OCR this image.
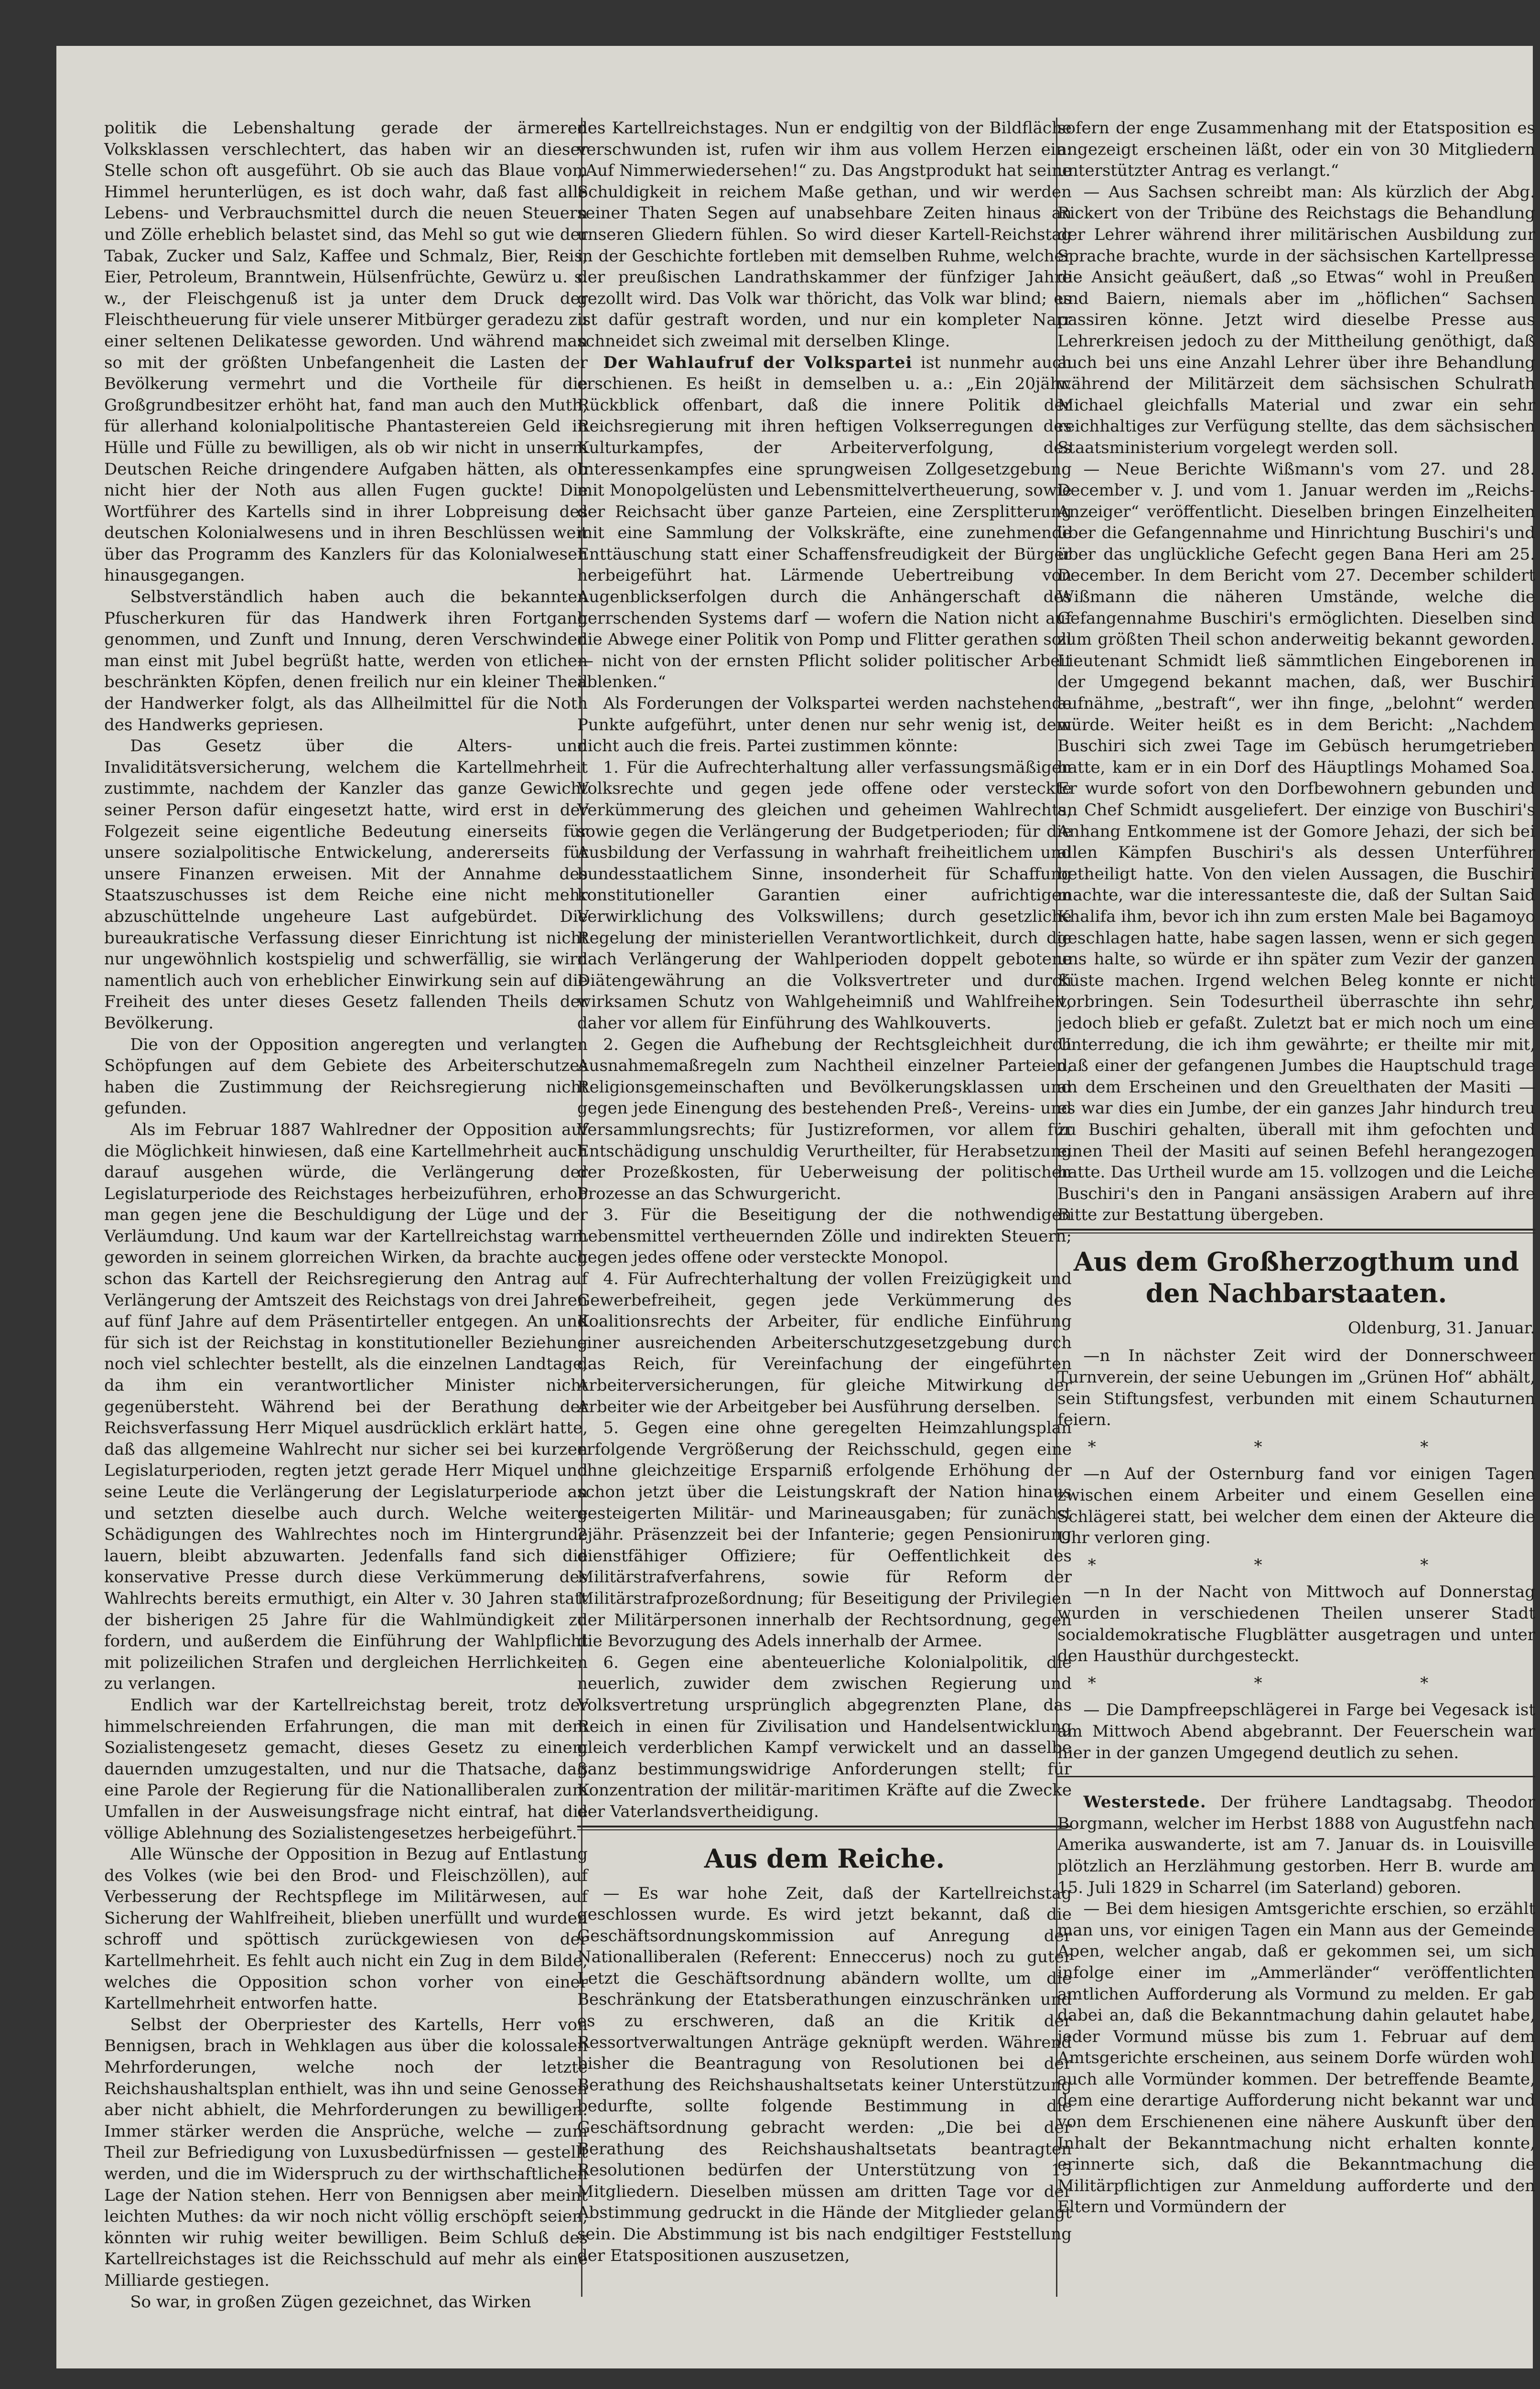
politik die Lebenshaltung gerade der ärmeren Volksklassen verschlechtert, das haben wir an dieser Stelle schon oft ausgeführt. Ob sie auch das Blaue vom Himmel herunterlügen, es ist doch wahr, daß fast alle Lebens- und Verbrauchsmittel durch die neuen Steuern und Zölle erheblich belastet sind, das Mehl so gut wie der Tabak, Zucker und Salz, Kaffee und Schmalz, Bier, Reis, Eier, Petroleum, Branntwein, Hülsenfrüchte, Gewürz u. s. w., der Fleischgenuß ist ja unter dem Druck der Fleischtheuerung für viele unserer Mitbürger geradezu zu einer seltenen Delikatesse geworden. Und während man so mit der größten Unbefangenheit die Lasten der Bevölkerung vermehrt und die Vortheile für die Großgrundbesitzer erhöht hat, fand man auch den Muth, für allerhand kolonialpolitische Phantastereien Geld in Hülle und Fülle zu bewilligen, als ob wir nicht in unserm Deutschen Reiche dringendere Aufgaben hätten, als ob nicht hier der Noth aus allen Fugen guckte! Die Wortführer des Kartells sind in ihrer Lobpreisung des deutschen Kolonialwesens und in ihren Beschlüssen weit über das Programm des Kanzlers für das Kolonialwesen hinausgegangen.

Selbstverständlich haben auch die bekannten Pfuscherkuren für das Handwerk ihren Fortgang genommen, und Zunft und Innung, deren Verschwinden man einst mit Jubel begrüßt hatte, werden von etlichen beschränkten Köpfen, denen freilich nur ein kleiner Theil der Handwerker folgt, als das Allheilmittel für die Noth des Handwerks gepriesen.

Das Gesetz über die Alters- und Invaliditätsversicherung, welchem die Kartellmehrheit zustimmte, nachdem der Kanzler das ganze Gewicht seiner Person dafür eingesetzt hatte, wird erst in der Folgezeit seine eigentliche Bedeutung einerseits für unsere sozialpolitische Entwickelung, andererseits für unsere Finanzen erweisen. Mit der Annahme des Staatszuschusses ist dem Reiche eine nicht mehr abzuschüttelnde ungeheure Last aufgebürdet. Die bureaukratische Verfassung dieser Einrichtung ist nicht nur ungewöhnlich kostspielig und schwerfällig, sie wird namentlich auch von erheblicher Einwirkung sein auf die Freiheit des unter dieses Gesetz fallenden Theils der Bevölkerung.

Die von der Opposition angeregten und verlangten Schöpfungen auf dem Gebiete des Arbeiterschutzes haben die Zustimmung der Reichsregierung nicht gefunden.

Als im Februar 1887 Wahlredner der Opposition auf die Möglichkeit hinwiesen, daß eine Kartellmehrheit auch darauf ausgehen würde, die Verlängerung der Legislaturperiode des Reichstages herbeizuführen, erhob man gegen jene die Beschuldigung der Lüge und der Verläumdung. Und kaum war der Kartellreichstag warm geworden in seinem glorreichen Wirken, da brachte auch schon das Kartell der Reichsregierung den Antrag auf Verlängerung der Amtszeit des Reichstags von drei Jahren auf fünf Jahre auf dem Präsentirteller entgegen. An und für sich ist der Reichstag in konstitutioneller Beziehung noch viel schlechter bestellt, als die einzelnen Landtage, da ihm ein verantwortlicher Minister nicht gegenübersteht. Während bei der Berathung der Reichsverfassung Herr Miquel ausdrücklich erklärt hatte, daß das allgemeine Wahlrecht nur sicher sei bei kurzen Legislaturperioden, regten jetzt gerade Herr Miquel und seine Leute die Verlängerung der Legislaturperiode an und setzten dieselbe auch durch. Welche weitere Schädigungen des Wahlrechtes noch im Hintergrunde lauern, bleibt abzuwarten. Jedenfalls fand sich die konservative Presse durch diese Verkümmerung des Wahlrechts bereits ermuthigt, ein Alter v. 30 Jahren statt der bisherigen 25 Jahre für die Wahlmündigkeit zu fordern, und außerdem die Einführung der Wahlpflicht mit polizeilichen Strafen und dergleichen Herrlichkeiten zu verlangen.

Endlich war der Kartellreichstag bereit, trotz der himmelschreienden Erfahrungen, die man mit dem Sozialistengesetz gemacht, dieses Gesetz zu einem dauernden umzugestalten, und nur die Thatsache, daß eine Parole der Regierung für die Nationalliberalen zum Umfallen in der Ausweisungsfrage nicht eintraf, hat die völlige Ablehnung des Sozialistengesetzes herbeigeführt.

Alle Wünsche der Opposition in Bezug auf Entlastung des Volkes (wie bei den Brod- und Fleischzöllen), auf Verbesserung der Rechtspflege im Militärwesen, auf Sicherung der Wahlfreiheit, blieben unerfüllt und wurden schroff und spöttisch zurückgewiesen von der Kartellmehrheit. Es fehlt auch nicht ein Zug in dem Bilde, welches die Opposition schon vorher von einer Kartellmehrheit entworfen hatte.

Selbst der Oberpriester des Kartells, Herr von Bennigsen, brach in Wehklagen aus über die kolossalen Mehrforderungen, welche noch der letzte Reichshaushaltsplan enthielt, was ihn und seine Genossen aber nicht abhielt, die Mehrforderungen zu bewilligen. Immer stärker werden die Ansprüche, welche — zum Theil zur Befriedigung von Luxusbedürfnissen — gestellt werden, und die im Widerspruch zu der wirthschaftlichen Lage der Nation stehen. Herr von Bennigsen aber meint leichten Muthes: da wir noch nicht völlig erschöpft seien, könnten wir ruhig weiter bewilligen. Beim Schluß des Kartellreichstages ist die Reichsschuld auf mehr als eine Milliarde gestiegen.

So war, in großen Zügen gezeichnet, das Wirken

des Kartellreichstages. Nun er endgiltig von der Bildfläche verschwunden ist, rufen wir ihm aus vollem Herzen ein: „Auf Nimmerwiedersehen!“ zu. Das Angstprodukt hat seine Schuldigkeit in reichem Maße gethan, und wir werden seiner Thaten Segen auf unabsehbare Zeiten hinaus an unseren Gliedern fühlen. So wird dieser Kartell-Reichstag in der Geschichte fortleben mit demselben Ruhme, welcher der preußischen Landrathskammer der fünfziger Jahre gezollt wird. Das Volk war thöricht, das Volk war blind; es ist dafür gestraft worden, und nur ein kompleter Narr schneidet sich zweimal mit derselben Klinge.

Der Wahlaufruf der Volkspartei ist nunmehr auch erschienen. Es heißt in demselben u. a.: „Ein 20jähr. Rückblick offenbart, daß die innere Politik der Reichsregierung mit ihren heftigen Volkserregungen des Kulturkampfes, der Arbeiterverfolgung, des Interessenkampfes eine sprungweisen Zollgesetzgebung mit Monopolgelüsten und Lebensmittelvertheuerung, sowie der Reichsacht über ganze Parteien, eine Zersplitterung mit eine Sammlung der Volkskräfte, eine zunehmende Enttäuschung statt einer Schaffensfreudigkeit der Bürger herbeigeführt hat. Lärmende Uebertreibung von Augenblickserfolgen durch die Anhängerschaft des herrschenden Systems darf — wofern die Nation nicht auf die Abwege einer Politik von Pomp und Flitter gerathen soll — nicht von der ernsten Pflicht solider politischer Arbeit ablenken.“

Als Forderungen der Volkspartei werden nachstehende Punkte aufgeführt, unter denen nur sehr wenig ist, dem nicht auch die freis. Partei zustimmen könnte:

1. Für die Aufrechterhaltung aller verfassungsmäßigen Volksrechte und gegen jede offene oder versteckte Verkümmerung des gleichen und geheimen Wahlrechts, sowie gegen die Verlängerung der Budgetperioden; für die Ausbildung der Verfassung in wahrhaft freiheitlichem und bundesstaatlichem Sinne, insonderheit für Schaffung konstitutioneller Garantien einer aufrichtigen Verwirklichung des Volkswillens; durch gesetzliche Regelung der ministeriellen Verantwortlichkeit, durch die nach Verlängerung der Wahlperioden doppelt gebotene Diätengewährung an die Volksvertreter und durch wirksamen Schutz von Wahlgeheimniß und Wahlfreiheit, daher vor allem für Einführung des Wahlkouverts.

2. Gegen die Aufhebung der Rechtsgleichheit durch Ausnahmemaßregeln zum Nachtheil einzelner Parteien, Religionsgemeinschaften und Bevölkerungsklassen und gegen jede Einengung des bestehenden Preß-, Vereins- und Versammlungsrechts; für Justizreformen, vor allem für Entschädigung unschuldig Verurtheilter, für Herabsetzung der Prozeßkosten, für Ueberweisung der politischen Prozesse an das Schwurgericht.

3. Für die Beseitigung der die nothwendigen Lebensmittel vertheuernden Zölle und indirekten Steuern; gegen jedes offene oder versteckte Monopol.

4. Für Aufrechterhaltung der vollen Freizügigkeit und Gewerbefreiheit, gegen jede Verkümmerung des Koalitionsrechts der Arbeiter, für endliche Einführung einer ausreichenden Arbeiterschutzgesetzgebung durch das Reich, für Vereinfachung der eingeführten Arbeiterversicherungen, für gleiche Mitwirkung der Arbeiter wie der Arbeitgeber bei Ausführung derselben.

5. Gegen eine ohne geregelten Heimzahlungsplan erfolgende Vergrößerung der Reichsschuld, gegen eine ohne gleichzeitige Ersparniß erfolgende Erhöhung der schon jetzt über die Leistungskraft der Nation hinaus gesteigerten Militär- und Marineausgaben; für zunächst 2jähr. Präsenzzeit bei der Infanterie; gegen Pensionirung dienstfähiger Offiziere; für Oeffentlichkeit des Militärstrafverfahrens, sowie für Reform der Militärstrafprozeßordnung; für Beseitigung der Privilegien der Militärpersonen innerhalb der Rechtsordnung, gegen die Bevorzugung des Adels innerhalb der Armee.

6. Gegen eine abenteuerliche Kolonialpolitik, die neuerlich, zuwider dem zwischen Regierung und Volksvertretung ursprünglich abgegrenzten Plane, das Reich in einen für Zivilisation und Handelsentwicklung gleich verderblichen Kampf verwickelt und an dasselbe ganz bestimmungswidrige Anforderungen stellt; für Konzentration der militär-maritimen Kräfte auf die Zwecke der Vaterlandsvertheidigung.

Aus dem Reiche.

— Es war hohe Zeit, daß der Kartellreichstag geschlossen wurde. Es wird jetzt bekannt, daß die Geschäftsordnungskommission auf Anregung der Nationalliberalen (Referent: Enneccerus) noch zu guter Letzt die Geschäftsordnung abändern wollte, um die Beschränkung der Etatsberathungen einzuschränken und es zu erschweren, daß an die Kritik der Ressortverwaltungen Anträge geknüpft werden. Während bisher die Beantragung von Resolutionen bei der Berathung des Reichshaushaltsetats keiner Unterstützung bedurfte, sollte folgende Bestimmung in die Geschäftsordnung gebracht werden: „Die bei der Berathung des Reichshaushaltsetats beantragten Resolutionen bedürfen der Unterstützung von 15 Mitgliedern. Dieselben müssen am dritten Tage vor der Abstimmung gedruckt in die Hände der Mitglieder gelangt sein. Die Abstimmung ist bis nach endgiltiger Feststellung der Etatspositionen auszusetzen,

sofern der enge Zusammenhang mit der Etatsposition es angezeigt erscheinen läßt, oder ein von 30 Mitgliedern unterstützter Antrag es verlangt.“

— Aus Sachsen schreibt man: Als kürzlich der Abg. Rickert von der Tribüne des Reichstags die Behandlung der Lehrer während ihrer militärischen Ausbildung zur Sprache brachte, wurde in der sächsischen Kartellpresse die Ansicht geäußert, daß „so Etwas“ wohl in Preußen und Baiern, niemals aber im „höflichen“ Sachsen passiren könne. Jetzt wird dieselbe Presse aus Lehrerkreisen jedoch zu der Mittheilung genöthigt, daß auch bei uns eine Anzahl Lehrer über ihre Behandlung während der Militärzeit dem sächsischen Schulrath Michael gleichfalls Material und zwar ein sehr reichhaltiges zur Verfügung stellte, das dem sächsischen Staatsministerium vorgelegt werden soll.

— Neue Berichte Wißmann's vom 27. und 28. December v. J. und vom 1. Januar werden im „Reichs-Anzeiger“ veröffentlicht. Dieselben bringen Einzelheiten über die Gefangennahme und Hinrichtung Buschiri's und über das unglückliche Gefecht gegen Bana Heri am 25. December. In dem Bericht vom 27. December schildert Wißmann die näheren Umstände, welche die Gefangennahme Buschiri's ermöglichten. Dieselben sind zum größten Theil schon anderweitig bekannt geworden. Lieutenant Schmidt ließ sämmtlichen Eingeborenen in der Umgegend bekannt machen, daß, wer Buschiri aufnähme, „bestraft“, wer ihn finge, „belohnt“ werden würde. Weiter heißt es in dem Bericht: „Nachdem Buschiri sich zwei Tage im Gebüsch herumgetrieben hatte, kam er in ein Dorf des Häuptlings Mohamed Soa. Er wurde sofort von den Dorfbewohnern gebunden und an Chef Schmidt ausgeliefert. Der einzige von Buschiri's Anhang Entkommene ist der Gomore Jehazi, der sich bei allen Kämpfen Buschiri's als dessen Unterführer betheiligt hatte. Von den vielen Aussagen, die Buschiri machte, war die interessanteste die, daß der Sultan Said Khalifa ihm, bevor ich ihn zum ersten Male bei Bagamoyo geschlagen hatte, habe sagen lassen, wenn er sich gegen uns halte, so würde er ihn später zum Vezir der ganzen Küste machen. Irgend welchen Beleg konnte er nicht vorbringen. Sein Todesurtheil überraschte ihn sehr, jedoch blieb er gefaßt. Zuletzt bat er mich noch um eine Unterredung, die ich ihm gewährte; er theilte mir mit, daß einer der gefangenen Jumbes die Hauptschuld trage an dem Erscheinen und den Greuelthaten der Masiti — es war dies ein Jumbe, der ein ganzes Jahr hindurch treu zu Buschiri gehalten, überall mit ihm gefochten und einen Theil der Masiti auf seinen Befehl herangezogen hatte. Das Urtheil wurde am 15. vollzogen und die Leiche Buschiri's den in Pangani ansässigen Arabern auf ihre Bitte zur Bestattung übergeben.

Aus dem Großherzogthum und den Nachbarstaaten.
Oldenburg, 31. Januar.

—n In nächster Zeit wird der Donnerschweer Turnverein, der seine Uebungen im „Grünen Hof“ abhält, sein Stiftungsfest, verbunden mit einem Schauturnen feiern.

* * *

—n Auf der Osternburg fand vor einigen Tagen zwischen einem Arbeiter und einem Gesellen eine Schlägerei statt, bei welcher dem einen der Akteure die Uhr verloren ging.

* * *

—n In der Nacht von Mittwoch auf Donnerstag wurden in verschiedenen Theilen unserer Stadt socialdemokratische Flugblätter ausgetragen und unter den Hausthür durchgesteckt.

* * *

— Die Dampfreepschlägerei in Farge bei Vegesack ist am Mittwoch Abend abgebrannt. Der Feuerschein war hier in der ganzen Umgegend deutlich zu sehen.

Westerstede. Der frühere Landtagsabg. Theodor Borgmann, welcher im Herbst 1888 von Augustfehn nach Amerika auswanderte, ist am 7. Januar ds. in Louisville plötzlich an Herzlähmung gestorben. Herr B. wurde am 15. Juli 1829 in Scharrel (im Saterland) geboren.

— Bei dem hiesigen Amtsgerichte erschien, so erzählt man uns, vor einigen Tagen ein Mann aus der Gemeinde Apen, welcher angab, daß er gekommen sei, um sich infolge einer im „Ammerländer“ veröffentlichten amtlichen Aufforderung als Vormund zu melden. Er gab dabei an, daß die Bekanntmachung dahin gelautet habe, jeder Vormund müsse bis zum 1. Februar auf dem Amtsgerichte erscheinen, aus seinem Dorfe würden wohl auch alle Vormünder kommen. Der betreffende Beamte, dem eine derartige Aufforderung nicht bekannt war und von dem Erschienenen eine nähere Auskunft über den Inhalt der Bekanntmachung nicht erhalten konnte, erinnerte sich, daß die Bekanntmachung die Militärpflichtigen zur Anmeldung aufforderte und den Eltern und Vormündern der
